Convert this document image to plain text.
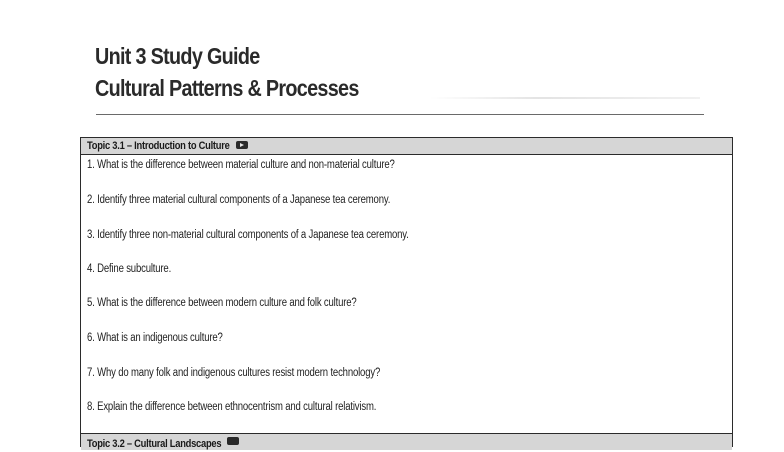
Unit 3 Study Guide
Cultural Patterns & Processes
Topic 3.1 – Introduction to Culture
1. What is the difference between material culture and non-material culture?
2. Identify three material cultural components of a Japanese tea ceremony.
3. Identify three non-material cultural components of a Japanese tea ceremony.
4. Define subculture.
5. What is the difference between modern culture and folk culture?
6. What is an indigenous culture?
7. Why do many folk and indigenous cultures resist modern technology?
8. Explain the difference between ethnocentrism and cultural relativism.
Topic 3.2 – Cultural Landscapes
